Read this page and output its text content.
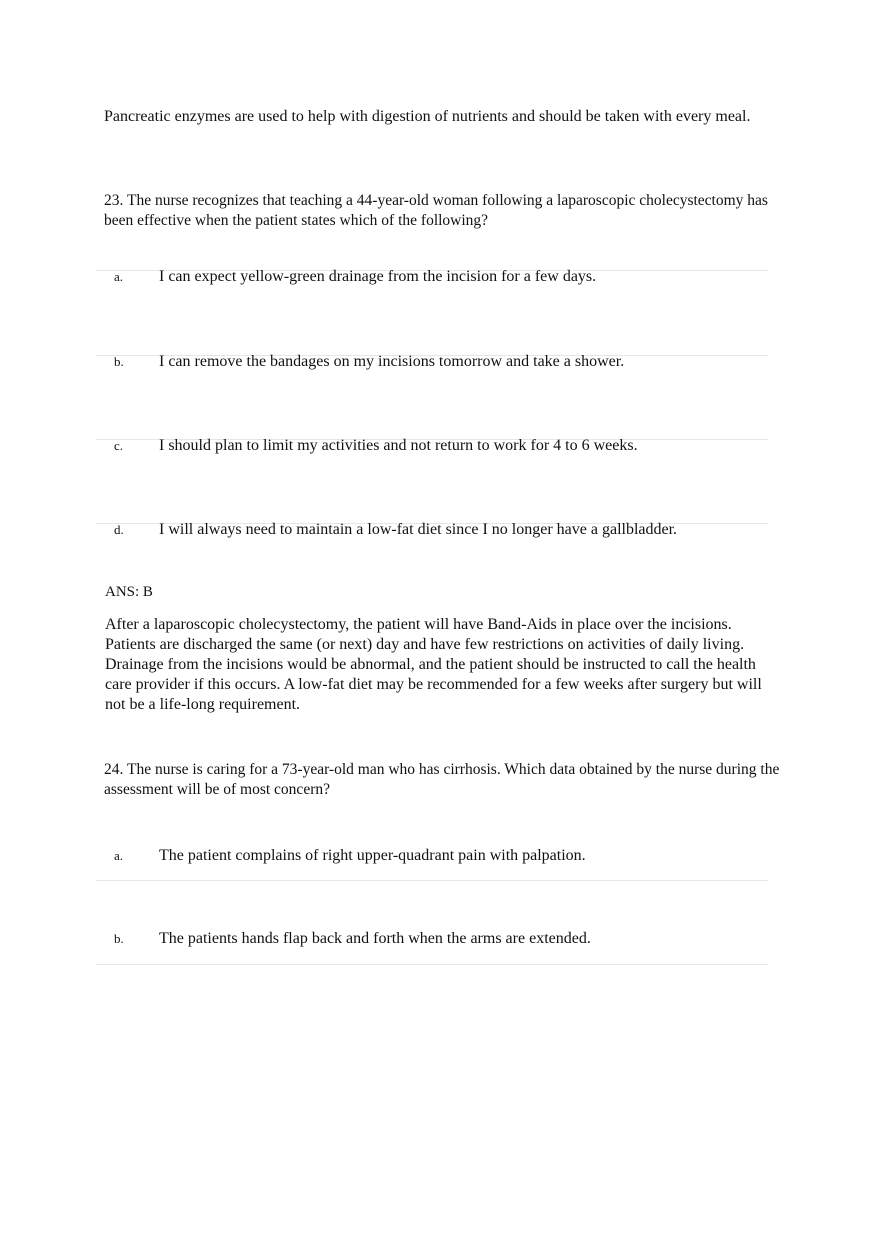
Pancreatic enzymes are used to help with digestion of nutrients and should be taken with every meal.

23. The nurse recognizes that teaching a 44-year-old woman following a laparoscopic cholecystectomy has been effective when the patient states which of the following?

a. I can expect yellow-green drainage from the incision for a few days.
b. I can remove the bandages on my incisions tomorrow and take a shower.
c. I should plan to limit my activities and not return to work for 4 to 6 weeks.
d. I will always need to maintain a low-fat diet since I no longer have a gallbladder.
ANS: B

After a laparoscopic cholecystectomy, the patient will have Band-Aids in place over the incisions. Patients are discharged the same (or next) day and have few restrictions on activities of daily living. Drainage from the incisions would be abnormal, and the patient should be instructed to call the health care provider if this occurs. A low-fat diet may be recommended for a few weeks after surgery but will not be a life-long requirement.

24. The nurse is caring for a 73-year-old man who has cirrhosis. Which data obtained by the nurse during the assessment will be of most concern?

a. The patient complains of right upper-quadrant pain with palpation.
b. The patients hands flap back and forth when the arms are extended.
